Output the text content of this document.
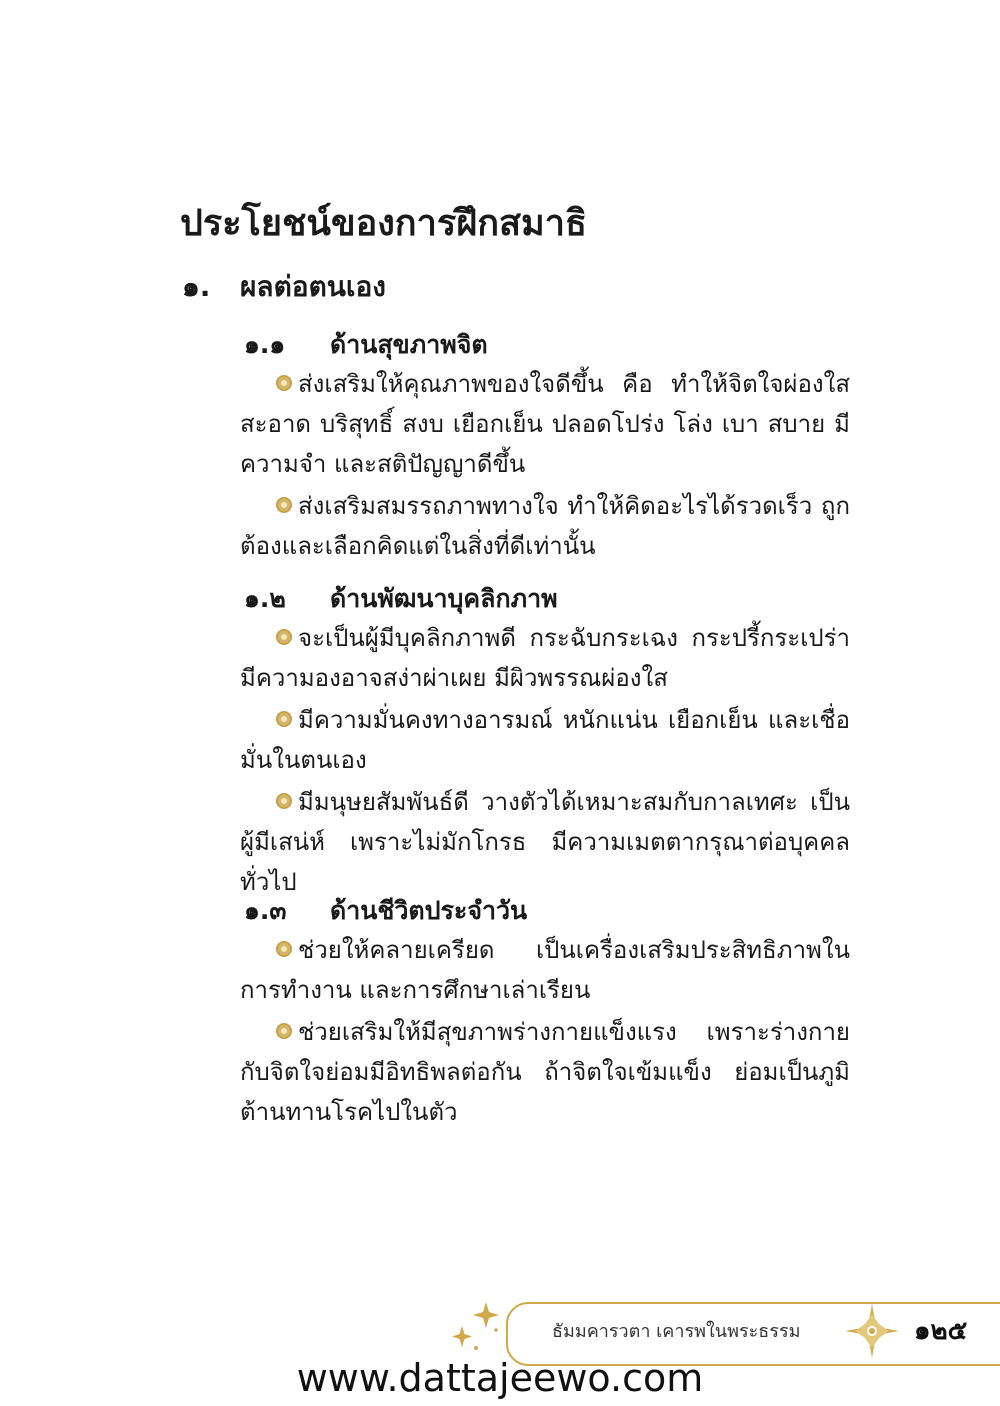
ประโยชน์ของการฝึกสมาธิ
๑. ผลต่อตนเอง
๑.๑ ด้านสุขภาพจิต

ส่งเสริมให้คุณภาพของใจดีขึ้น คือ ทำให้จิตใจผ่องใส สะอาด บริสุทธิ์ สงบ เยือกเย็น ปลอดโปร่ง โล่ง เบา สบาย มีความจำ และสติปัญญาดีขึ้น

ส่งเสริมสมรรถภาพทางใจ ทำให้คิดอะไรได้รวดเร็ว ถูกต้องและเลือกคิดแต่ในสิ่งที่ดีเท่านั้น

๑.๒ ด้านพัฒนาบุคลิกภาพ

จะเป็นผู้มีบุคลิกภาพดี กระฉับกระเฉง กระปรี้กระเปร่า มีความองอาจสง่าผ่าเผย มีผิวพรรณผ่องใส

มีความมั่นคงทางอารมณ์ หนักแน่น เยือกเย็น และเชื่อมั่นในตนเอง

มีมนุษยสัมพันธ์ดี วางตัวได้เหมาะสมกับกาลเทศะ เป็นผู้มีเสน่ห์ เพราะไม่มักโกรธ มีความเมตตากรุณาต่อบุคคลทั่วไป

๑.๓ ด้านชีวิตประจำวัน

ช่วยให้คลายเครียด เป็นเครื่องเสริมประสิทธิภาพในการทำงาน และการศึกษาเล่าเรียน

ช่วยเสริมให้มีสุขภาพร่างกายแข็งแรง เพราะร่างกายกับจิตใจย่อมมีอิทธิพลต่อกัน ถ้าจิตใจเข้มแข็ง ย่อมเป็นภูมิต้านทานโรคไปในตัว

ธัมมคารวตา เคารพในพระธรรม	๑๒๕
www.dattajeewo.com
